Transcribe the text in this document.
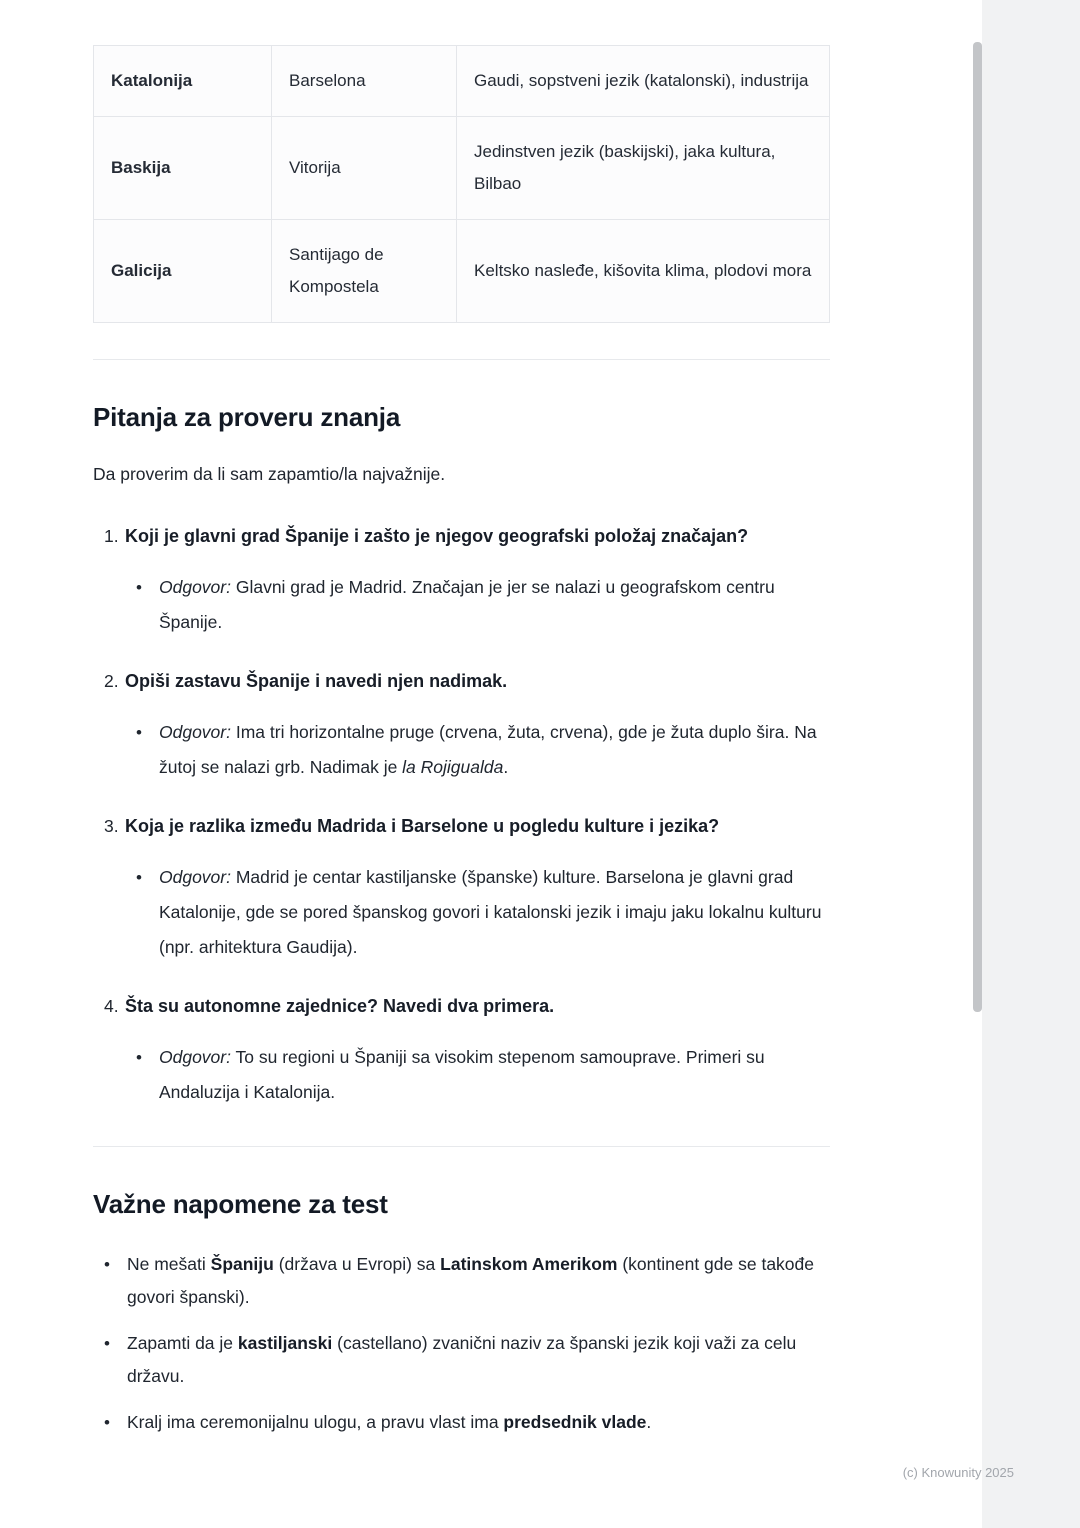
Katalonija	Barselona	Gaudi, sopstveni jezik (katalonski), industrija
Baskija	Vitorija	Jedinstven jezik (baskijski), jaka kultura, Bilbao
Galicija	Santijago de Kompostela	Keltsko nasleđe, kišovita klima, plodovi mora
Pitanja za proveru znanja

Da proverim da li sam zapamtio/la najvažnije.

1. Koji je glavni grad Španije i zašto je njegov geografski položaj značajan?
• Odgovor: Glavni grad je Madrid. Značajan je jer se nalazi u geografskom centru Španije.

2. Opiši zastavu Španije i navedi njen nadimak.
• Odgovor: Ima tri horizontalne pruge (crvena, žuta, crvena), gde je žuta duplo šira. Na žutoj se nalazi grb. Nadimak je la Rojigualda.

3. Koja je razlika između Madrida i Barselone u pogledu kulture i jezika?
• Odgovor: Madrid je centar kastiljanske (španske) kulture. Barselona je glavni grad Katalonije, gde se pored španskog govori i katalonski jezik i imaju jaku lokalnu kulturu (npr. arhitektura Gaudija).

4. Šta su autonomne zajednice? Navedi dva primera.
• Odgovor: To su regioni u Španiji sa visokim stepenom samouprave. Primeri su Andaluzija i Katalonija.

Važne napomene za test
• Ne mešati Španiju (država u Evropi) sa Latinskom Amerikom (kontinent gde se takođe govori španski).

• Zapamti da je kastiljanski (castellano) zvanični naziv za španski jezik koji važi za celu državu.

• Kralj ima ceremonijalnu ulogu, a pravu vlast ima predsednik vlade.

(c) Knowunity 2025
